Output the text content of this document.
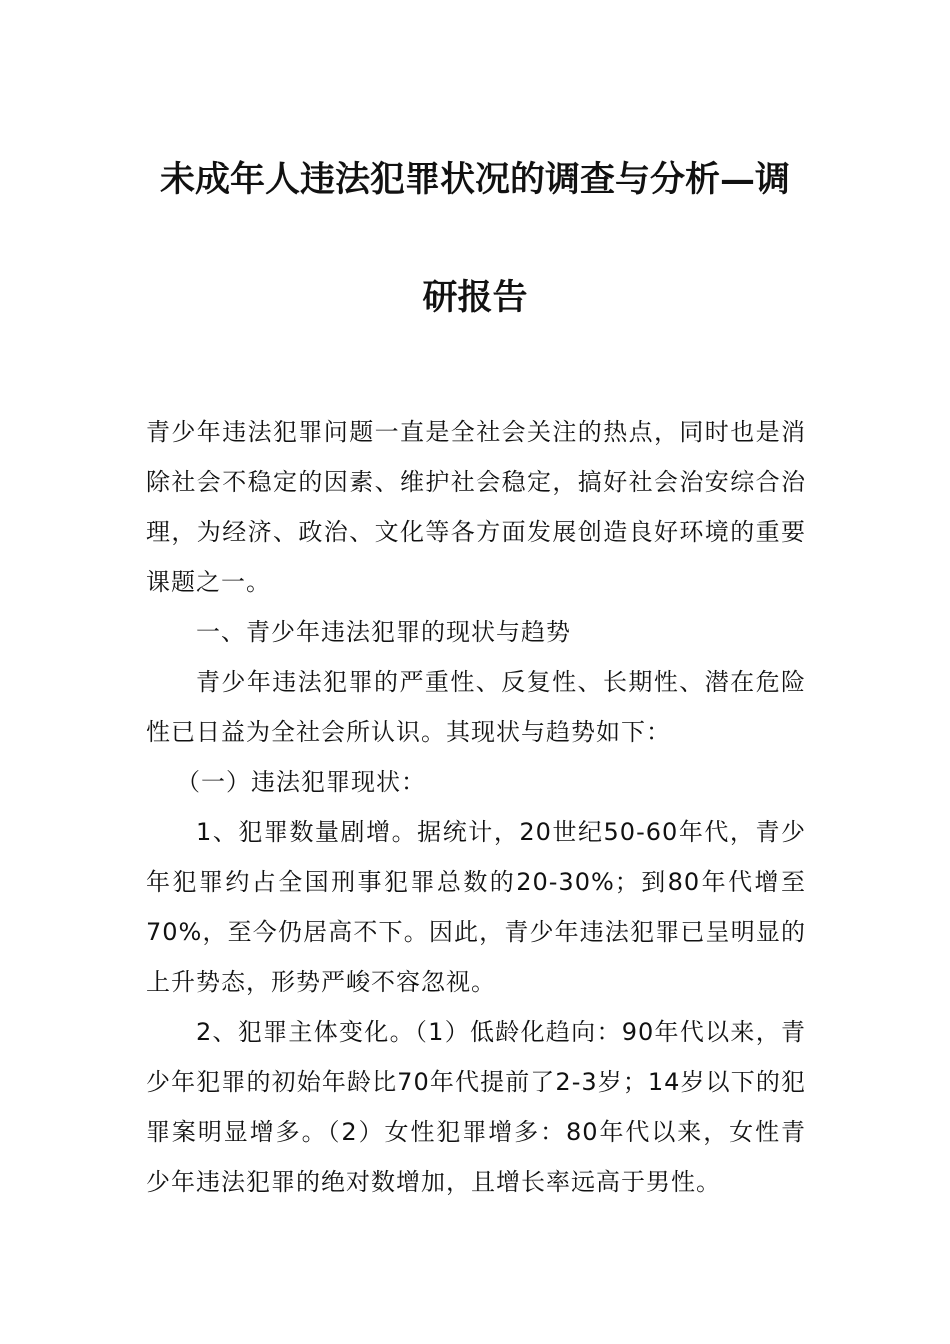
未成年人违法犯罪状况的调查与分析—调
研报告

青少年违法犯罪问题一直是全社会关注的热点，同时也是消除社会不稳定的因素、维护社会稳定，搞好社会治安综合治理，为经济、政治、文化等各方面发展创造良好环境的重要课题之一。

一、青少年违法犯罪的现状与趋势

青少年违法犯罪的严重性、反复性、长期性、潜在危险性已日益为全社会所认识。其现状与趋势如下：

（一）违法犯罪现状：

1、犯罪数量剧增。据统计，20世纪50-60年代，青少年犯罪约占全国刑事犯罪总数的20-30%；到80年代增至70%，至今仍居高不下。因此，青少年违法犯罪已呈明显的上升势态，形势严峻不容忽视。

2、犯罪主体变化。（1）低龄化趋向：90年代以来，青少年犯罪的初始年龄比70年代提前了2-3岁；14岁以下的犯罪案明显增多。（2）女性犯罪增多：80年代以来，女性青少年违法犯罪的绝对数增加，且增长率远高于男性。
